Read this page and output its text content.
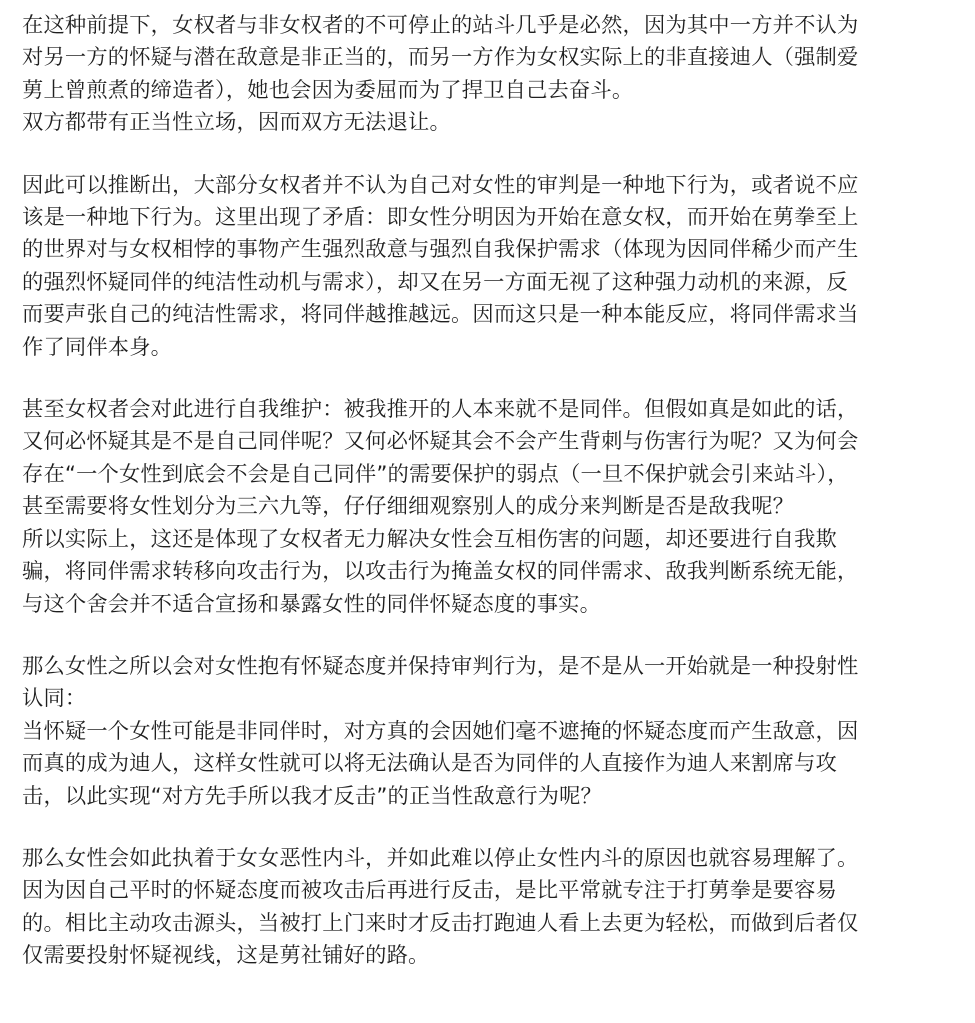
在这种前提下，女权者与非女权者的不可停止的站斗几乎是必然，因为其中一方并不认为
对另一方的怀疑与潜在敌意是非正当的，而另一方作为女权实际上的非直接迪人（强制爱
莮上曾煎煮的缔造者），她也会因为委屈而为了捍卫自己去奋斗。
双方都带有正当性立场，因而双方无法退让。
因此可以推断出，大部分女权者并不认为自己对女性的审判是一种地下行为，或者说不应
该是一种地下行为。这里出现了矛盾：即女性分明因为开始在意女权，而开始在莮拳至上
的世界对与女权相悖的事物产生强烈敌意与强烈自我保护需求（体现为因同伴稀少而产生
的强烈怀疑同伴的纯洁性动机与需求），却又在另一方面无视了这种强力动机的来源，反
而要声张自己的纯洁性需求，将同伴越推越远。因而这只是一种本能反应，将同伴需求当
作了同伴本身。
甚至女权者会对此进行自我维护：被我推开的人本来就不是同伴。但假如真是如此的话，
又何必怀疑其是不是自己同伴呢？又何必怀疑其会不会产生背刺与伤害行为呢？又为何会
存在“一个女性到底会不会是自己同伴”的需要保护的弱点（一旦不保护就会引来站斗），
甚至需要将女性划分为三六九等，仔仔细细观察别人的成分来判断是否是敌我呢？
所以实际上，这还是体现了女权者无力解决女性会互相伤害的问题，却还要进行自我欺
骗，将同伴需求转移向攻击行为，以攻击行为掩盖女权的同伴需求、敌我判断系统无能，
与这个舍会并不适合宣扬和暴露女性的同伴怀疑态度的事实。
那么女性之所以会对女性抱有怀疑态度并保持审判行为，是不是从一开始就是一种投射性
认同：
当怀疑一个女性可能是非同伴时，对方真的会因她们毫不遮掩的怀疑态度而产生敌意，因
而真的成为迪人，这样女性就可以将无法确认是否为同伴的人直接作为迪人来割席与攻
击，以此实现“对方先手所以我才反击”的正当性敌意行为呢？
那么女性会如此执着于女女恶性内斗，并如此难以停止女性内斗的原因也就容易理解了。
因为因自己平时的怀疑态度而被攻击后再进行反击，是比平常就专注于打莮拳是要容易
的。相比主动攻击源头，当被打上门来时才反击打跑迪人看上去更为轻松，而做到后者仅
仅需要投射怀疑视线，这是莮社铺好的路。
